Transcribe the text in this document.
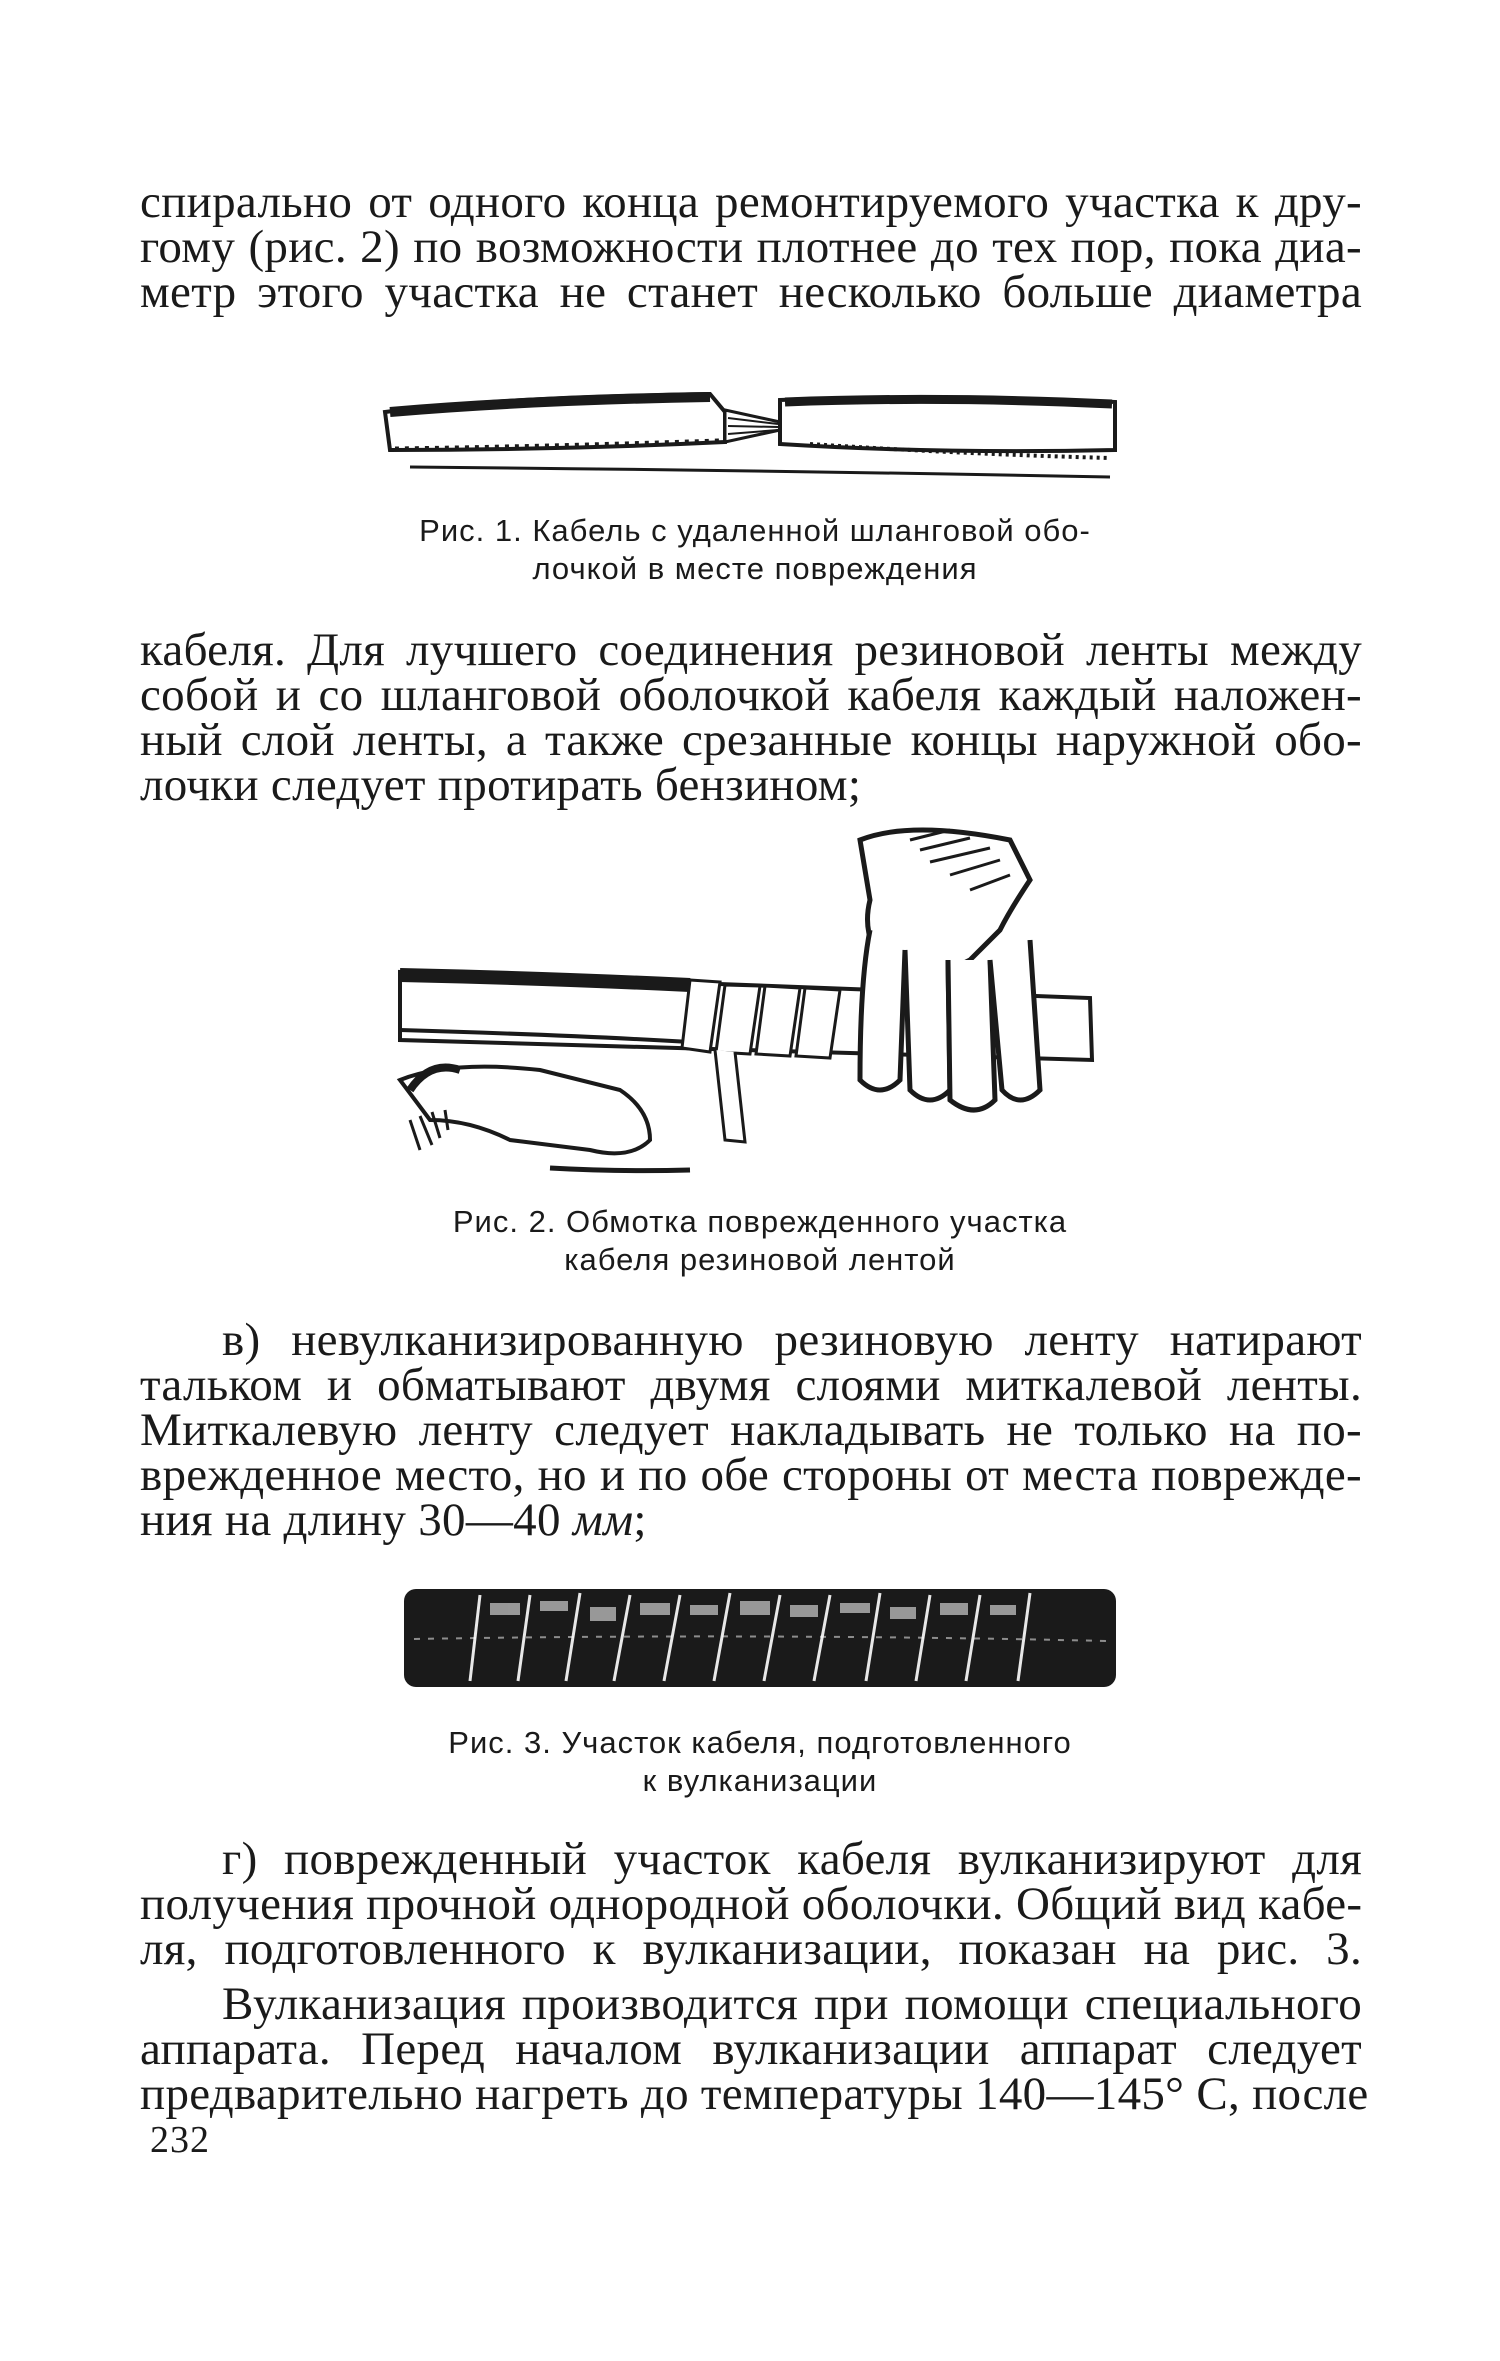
спирально от одного конца ремонтируемого участка к дру-
гому (рис. 2) по возможности плотнее до тех пор, пока диа-
метр этого участка не станет несколько больше диаметра

Рис. 1. Кабель с удаленной шланговой обо-
лочкой в месте повреждения

кабеля. Для лучшего соединения резиновой ленты между
собой и со шланговой оболочкой кабеля каждый наложен-
ный слой ленты, а также срезанные концы наружной обо-
лочки следует протирать бензином;

Рис. 2. Обмотка поврежденного участка
кабеля резиновой лентой

в) невулканизированную резиновую ленту натирают
тальком и обматывают двумя слоями миткалевой ленты.
Миткалевую ленту следует накладывать не только на по-
врежденное место, но и по обе стороны от места поврежде-
ния на длину 30—40 мм;

Рис. 3. Участок кабеля, подготовленного
к вулканизации

г) поврежденный участок кабеля вулканизируют для
получения прочной однородной оболочки. Общий вид кабе-
ля, подготовленного к вулканизации, показан на рис. 3.

Вулканизация производится при помощи специального
аппарата. Перед началом вулканизации аппарат следует
предварительно нагреть до температуры 140—145° С, после

232
